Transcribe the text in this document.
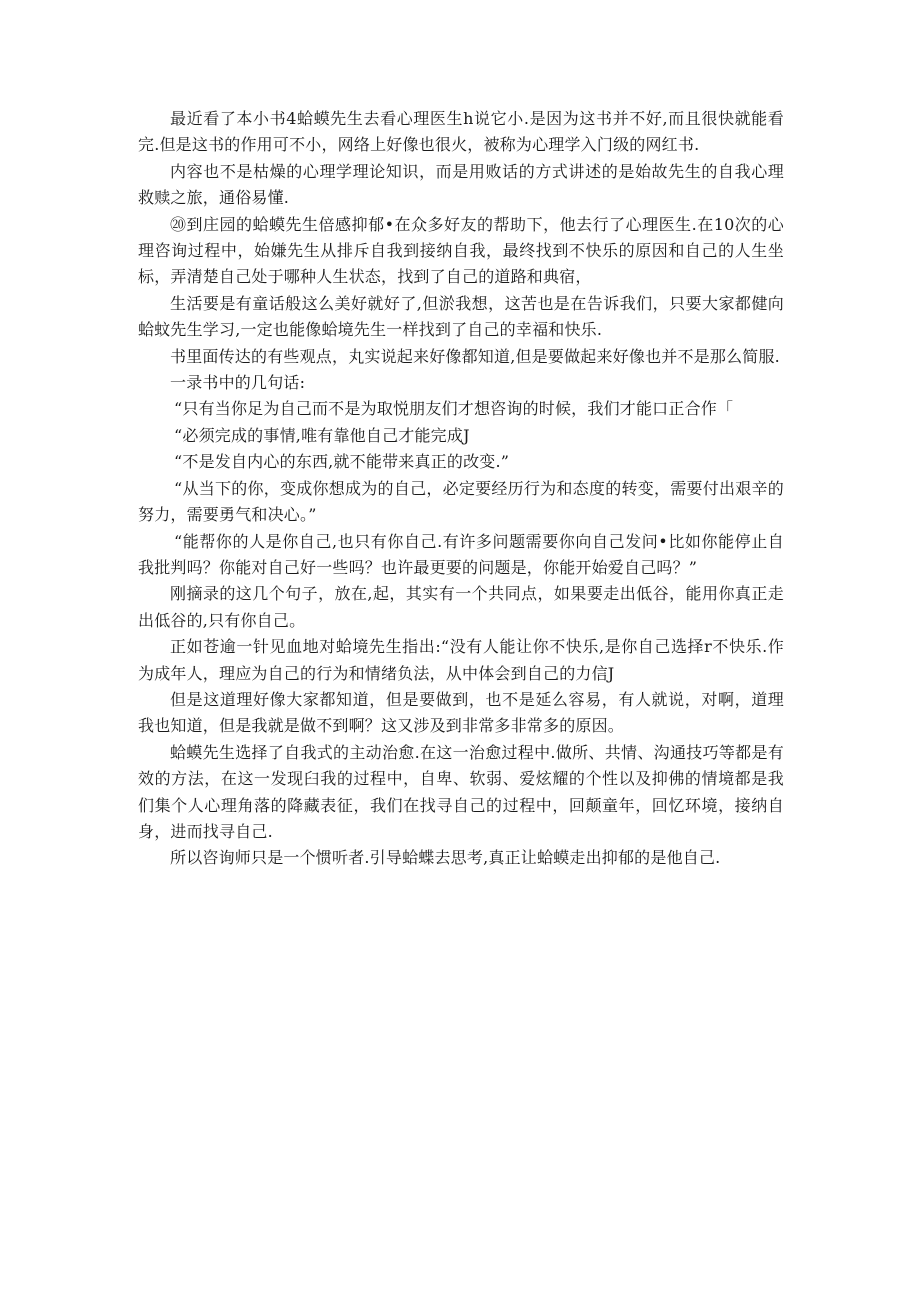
最近看了本小书4蛤蟆先生去看心理医生h说它小.是因为这书并不好,而且很快就能看完.但是这书的作用可不小，网络上好像也很火，被称为心理学入门级的网红书.

内容也不是枯燥的心理学理论知识，而是用败话的方式讲述的是始故先生的自我心理救赎之旅，通俗易懂.

⑳到庄园的蛤蟆先生倍感抑郁•在众多好友的帮助下，他去行了心理医生.在10次的心理咨询过程中，始嫌先生从排斥自我到接纳自我，最终找到不快乐的原因和自己的人生坐标，弄清楚自己处于哪种人生状态，找到了自己的道路和典宿，

生活要是有童话般这么美好就好了,但淤我想，这苦也是在告诉我们，只要大家都健向蛤蚊先生学习,一定也能像蛤境先生一样找到了自己的幸福和快乐.

书里面传达的有些观点，丸实说起来好像都知道,但是要做起来好像也并不是那么简服.

一录书中的几句话:

“只有当你足为自己而不是为取悦朋友们才想咨询的时候，我们才能口正合作「

“必须完成的事情,唯有靠他自己才能完成J

“不是发自内心的东西,就不能带来真正的改变.”

“从当下的你，变成你想成为的自己，必定要经历行为和态度的转变，需要付出艰辛的努力，需要勇气和决心。”

“能帮你的人是你自己,也只有你自己.有许多问题需要你向自己发问•比如你能停止自我批判吗？你能对自己好一些吗？也许最更要的问题是，你能开始爱自己吗？”

刚摘录的这几个句子，放在,起，其实有一个共同点，如果要走出低谷，能用你真正走出低谷的,只有你自己。

正如苍逾一针见血地对蛤境先生指出:“没有人能让你不快乐,是你自己选择r不快乐.作为成年人，理应为自己的行为和情绪负法，从中体会到自己的力信J

但是这道理好像大家都知道，但是要做到，也不是延么容易，有人就说，对啊，道理我也知道，但是我就是做不到啊？这又涉及到非常多非常多的原因。

蛤蟆先生选择了自我式的主动治愈.在这一治愈过程中.做所、共情、沟通技巧等都是有效的方法，在这一发现臼我的过程中，自卑、软弱、爱炫耀的个性以及抑佛的情境都是我们集个人心理角落的降藏表征，我们在找寻自己的过程中，回颠童年，回忆环境，接纳自身，进而找寻自己.

所以咨询师只是一个惯听者.引导蛤蝶去思考,真正让蛤蟆走出抑郁的是他自己.
